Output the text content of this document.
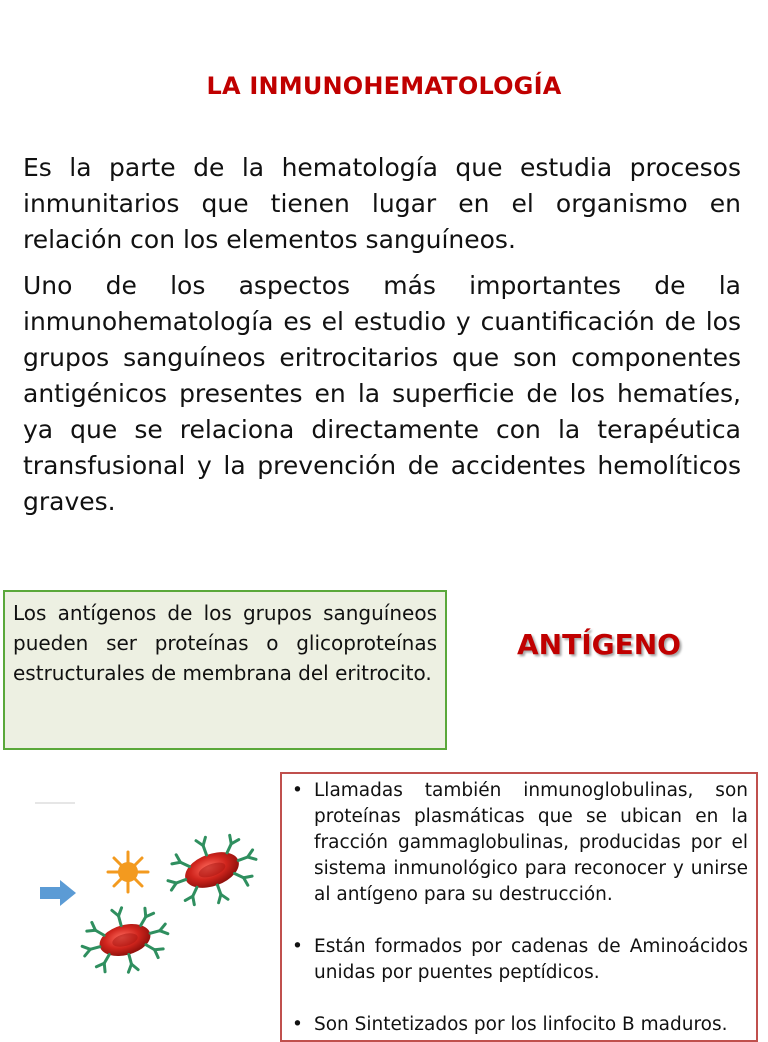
LA INMUNOHEMATOLOGÍA

Es la parte de la hematología que estudia procesos inmunitarios que tienen lugar en el organismo en relación con los elementos sanguíneos.

Uno de los aspectos más importantes de la inmunohematología es el estudio y cuantificación de los grupos sanguíneos eritrocitarios que son componentes antigénicos presentes en la superficie de los hematíes, ya que se relaciona directamente con la terapéutica transfusional y la prevención de accidentes hemolíticos graves.

Los antígenos de los grupos sanguíneos pueden ser proteínas o glicoproteínas estructurales de membrana del eritrocito.
ANTÍGENO
• Llamadas también inmunoglobulinas, son proteínas plasmáticas que se ubican en la fracción gammaglobulinas, producidas por el sistema inmunológico para reconocer y unirse al antígeno para su destrucción.
• Están formados por cadenas de Aminoácidos unidas por puentes peptídicos.
• Son Sintetizados por los linfocito B maduros.
